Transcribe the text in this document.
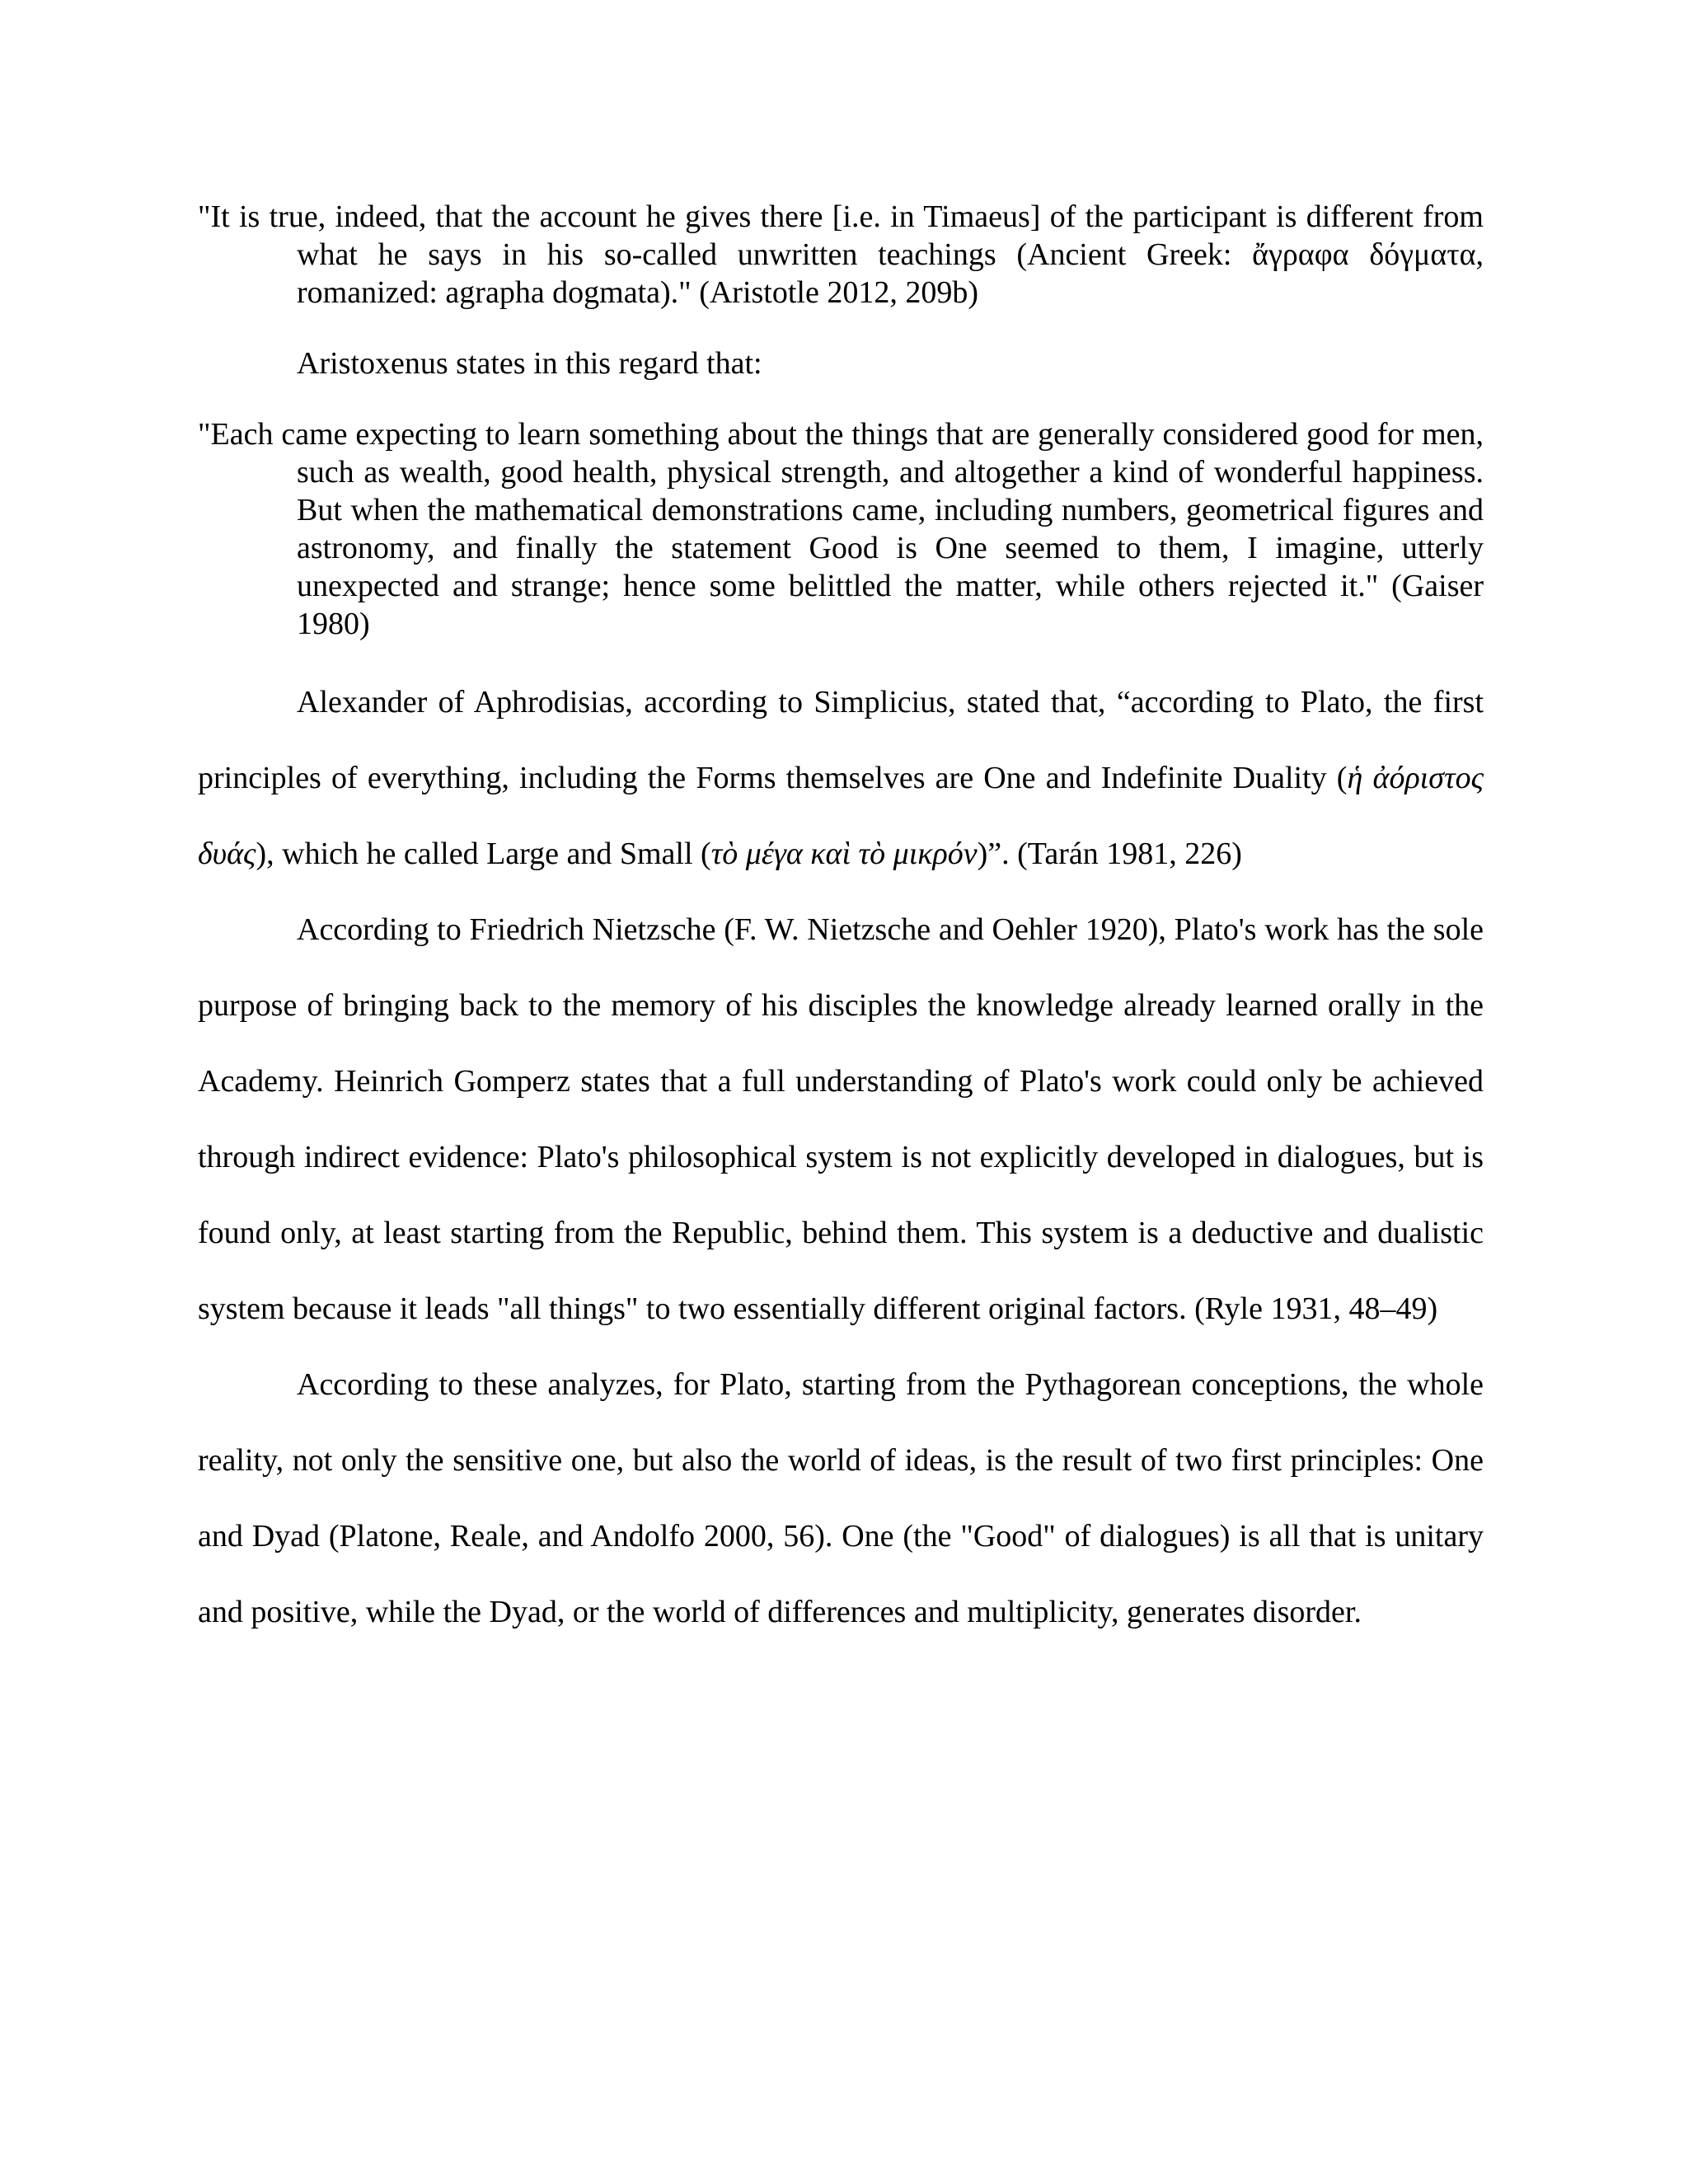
"It is true, indeed, that the account he gives there [i.e. in Timaeus] of the participant is different from what he says in his so-called unwritten teachings (Ancient Greek: ἄγραφα δόγματα, romanized: agrapha dogmata)." (Aristotle 2012, 209b)

Aristoxenus states in this regard that:

"Each came expecting to learn something about the things that are generally considered good for men, such as wealth, good health, physical strength, and altogether a kind of wonderful happiness. But when the mathematical demonstrations came, including numbers, geometrical figures and astronomy, and finally the statement Good is One seemed to them, I imagine, utterly unexpected and strange; hence some belittled the matter, while others rejected it." (Gaiser 1980)

Alexander of Aphrodisias, according to Simplicius, stated that, “according to Plato, the first principles of everything, including the Forms themselves are One and Indefinite Duality (ἡ ἀόριστος δυάς), which he called Large and Small (τὸ μέγα καὶ τὸ μικρόν)”. (Tarán 1981, 226)

According to Friedrich Nietzsche (F. W. Nietzsche and Oehler 1920), Plato's work has the sole purpose of bringing back to the memory of his disciples the knowledge already learned orally in the Academy. Heinrich Gomperz states that a full understanding of Plato's work could only be achieved through indirect evidence: Plato's philosophical system is not explicitly developed in dialogues, but is found only, at least starting from the Republic, behind them. This system is a deductive and dualistic system because it leads "all things" to two essentially different original factors. (Ryle 1931, 48–49)

According to these analyzes, for Plato, starting from the Pythagorean conceptions, the whole reality, not only the sensitive one, but also the world of ideas, is the result of two first principles: One and Dyad (Platone, Reale, and Andolfo 2000, 56). One (the "Good" of dialogues) is all that is unitary and positive, while the Dyad, or the world of differences and multiplicity, generates disorder.
